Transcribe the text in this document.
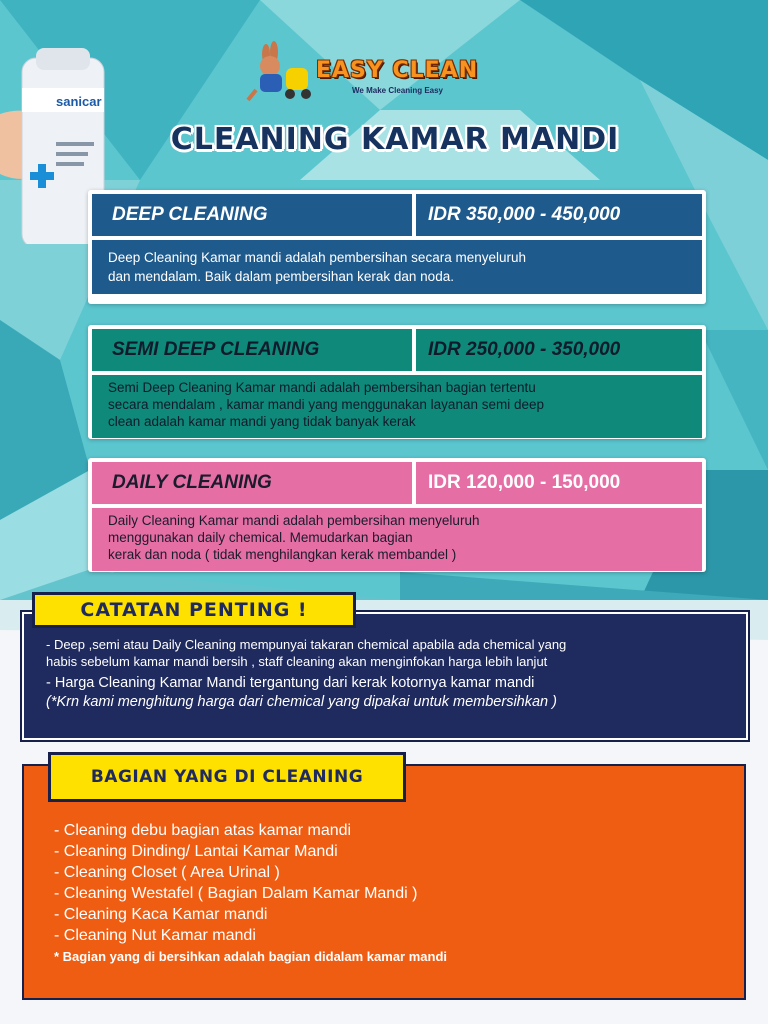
sanicar
EASY CLEAN
We Make Cleaning Easy
CLEANING KAMAR MANDI
DEEP CLEANING	IDR 350,000 - 450,000
Deep Cleaning Kamar mandi adalah pembersihan secara menyeluruh
dan mendalam. Baik dalam pembersihan kerak dan noda.
SEMI DEEP CLEANING	IDR 250,000 - 350,000
Semi Deep Cleaning Kamar mandi adalah pembersihan bagian tertentu
secara mendalam , kamar mandi yang menggunakan layanan semi deep
clean adalah kamar mandi yang tidak banyak kerak
DAILY CLEANING	IDR 120,000 - 150,000
Daily Cleaning Kamar mandi adalah pembersihan menyeluruh
menggunakan daily chemical. Memudarkan bagian
kerak dan noda ( tidak menghilangkan kerak membandel )
- Deep ,semi atau Daily Cleaning mempunyai takaran chemical apabila ada chemical yang
habis sebelum kamar mandi bersih , staff cleaning akan menginfokan harga lebih lanjut
- Harga Cleaning Kamar Mandi tergantung dari kerak kotornya kamar mandi
(*Krn kami menghitung harga dari chemical yang dipakai untuk membersihkan )
CATATAN PENTING !
- Cleaning debu bagian atas kamar mandi
- Cleaning Dinding/ Lantai Kamar Mandi
- Cleaning Closet ( Area Urinal )
- Cleaning Westafel ( Bagian Dalam Kamar Mandi )
- Cleaning Kaca Kamar mandi
- Cleaning Nut Kamar mandi
* Bagian yang di bersihkan adalah bagian didalam kamar mandi
BAGIAN YANG DI CLEANING
